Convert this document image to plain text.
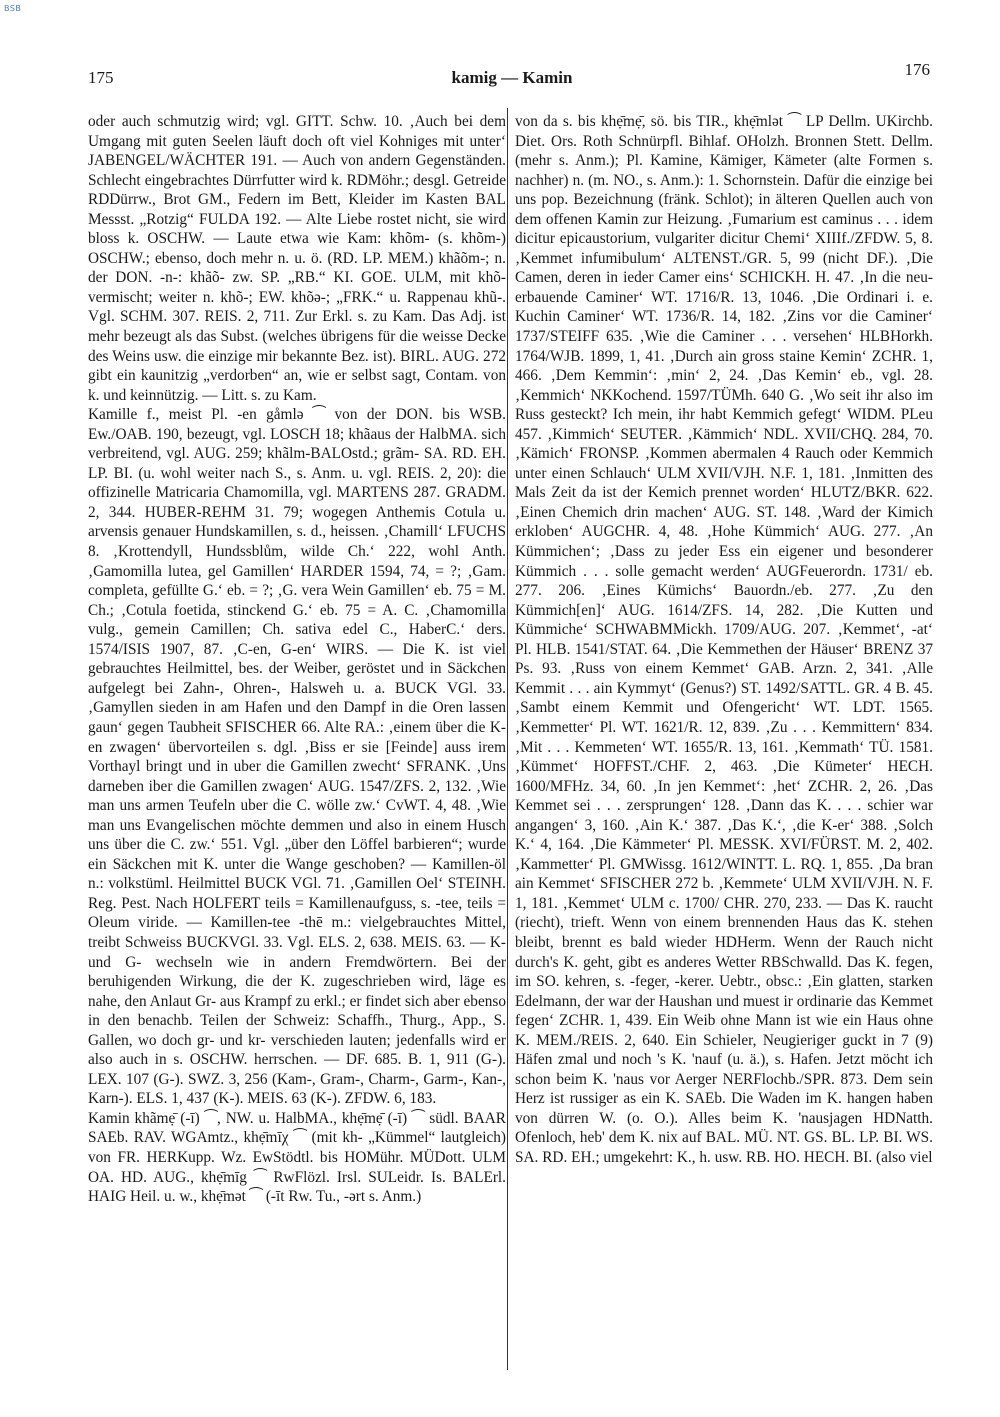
BSB
175	kamig — Kamin	176

oder auch schmutzig wird; vgl. GITT. Schw. 10. ‚Auch bei dem Umgang mit guten Seelen läuft doch oft viel Kohniges mit unter‘ JABENGEL/WÄCHTER 191. — Auch von andern Gegenständen. Schlecht eingebrachtes Dürrfutter wird k. RDMöhr.; desgl. Getreide RDDürrw., Brot GM., Federn im Bett, Kleider im Kasten BAL Messst. „Rotzig“ FULDA 192. — Alte Liebe rostet nicht, sie wird bloss k. OSCHW. — Laute etwa wie Kam: khõm- (s. khõm-) OSCHW.; ebenso, doch mehr n. u. ö. (RD. LP. MEM.) khãõm-; n. der DON. -n-: khãõ- zw. SP. „RB.“ KI. GOE. ULM, mit khõ- vermischt; weiter n. khõ-; EW. khõə-; „FRK.“ u. Rappenau khũ-. Vgl. SCHM. 307. REIS. 2, 711. Zur Erkl. s. zu Kam. Das Adj. ist mehr bezeugt als das Subst. (welches übrigens für die weisse Decke des Weins usw. die einzige mir bekannte Bez. ist). BIRL. AUG. 272 gibt ein kaunitzig „verdorben“ an, wie er selbst sagt, Contam. von k. und keinnützig. — Litt. s. zu Kam.

Kamille f., meist Pl. -en gåmlə ⁀ von der DON. bis WSB. Ew./OAB. 190, bezeugt, vgl. LOSCH 18; khãaus der HalbMA. sich verbreitend, vgl. AUG. 259; khãlm-BALOstd.; grãm- SA. RD. EH. LP. BI. (u. wohl weiter nach S., s. Anm. u. vgl. REIS. 2, 20): die offizinelle Matricaria Chamomilla, vgl. MARTENS 287. GRADM. 2, 344. HUBER-REHM 31. 79; wogegen Anthemis Cotula u. arvensis genauer Hundskamillen, s. d., heissen. ‚Chamill‘ LFUCHS 8. ‚Krottendyll, Hundssblům, wilde Ch.‘ 222, wohl Anth. ‚Gamomilla lutea, gel Gamillen‘ HARDER 1594, 74, = ?; ‚Gam. completa, gefüllte G.‘ eb. = ?; ‚G. vera Wein Gamillen‘ eb. 75 = M. Ch.; ‚Cotula foetida, stinckend G.‘ eb. 75 = A. C. ‚Chamomilla vulg., gemein Camillen; Ch. sativa edel C., HaberC.‘ ders. 1574/ISIS 1907, 87. ‚C-en, G-en‘ WIRS. — Die K. ist viel gebrauchtes Heilmittel, bes. der Weiber, geröstet und in Säckchen aufgelegt bei Zahn-, Ohren-, Halsweh u. a. BUCK VGl. 33. ‚Gamyllen sieden in am Hafen und den Dampf in die Oren lassen gaun‘ gegen Taubheit SFISCHER 66. Alte RA.: ‚einem über die K-en zwagen‘ übervorteilen s. dgl. ‚Biss er sie [Feinde] auss irem Vorthayl bringt und in uber die Gamillen zwecht‘ SFRANK. ‚Uns darneben iber die Gamillen zwagen‘ AUG. 1547/ZFS. 2, 132. ‚Wie man uns armen Teufeln uber die C. wölle zw.‘ CvWT. 4, 48. ‚Wie man uns Evangelischen möchte demmen und also in einem Husch uns über die C. zw.‘ 551. Vgl. „über den Löffel barbieren“; wurde ein Säckchen mit K. unter die Wange geschoben? — Kamillen-öl n.: volkstüml. Heilmittel BUCK VGl. 71. ‚Gamillen Oel‘ STEINH. Reg. Pest. Nach HOLFERT teils = Kamillenaufguss, s. -tee, teils = Oleum viride. — Kamillen-tee -thē m.: vielgebrauchtes Mittel, treibt Schweiss BUCKVGl. 33. Vgl. ELS. 2, 638. MEIS. 63. — K- und G- wechseln wie in andern Fremdwörtern. Bei der beruhigenden Wirkung, die der K. zugeschrieben wird, läge es nahe, den Anlaut Gr- aus Krampf zu erkl.; er findet sich aber ebenso in den benachb. Teilen der Schweiz: Schaffh., Thurg., App., S. Gallen, wo doch gr- und kr- verschieden lauten; jedenfalls wird er also auch in s. OSCHW. herrschen. — DF. 685. B. 1, 911 (G-). LEX. 107 (G-). SWZ. 3, 256 (Kam-, Gram-, Charm-, Garm-, Kan-, Karn-). ELS. 1, 437 (K-). MEIS. 63 (K-). ZFDW. 6, 183.

Kamin khãmẹ̄ (-ī) ⁀, NW. u. HalbMA., khẹ̄mẹ̄ (-ī) ⁀ südl. BAAR SAEb. RAV. WGAmtz., khẹ̄mīχ ⁀ (mit kh- „Kümmel“ lautgleich) von FR. HERKupp. Wz. EwStödtl. bis HOMühr. MÜDott. ULM OA. HD. AUG., khẹ̄mīg ⁀ RwFlözl. Irsl. SULeidr. Is. BALErl. HAIG Heil. u. w., khẹ̄mət ⁀ (-īt Rw. Tu., -ərt s. Anm.)

von da s. bis khẹ̄mẹ̄, sö. bis TIR., khẹ̄mlət ⁀ LP Dellm. UKirchb. Diet. Ors. Roth Schnürpfl. Bihlaf. OHolzh. Bronnen Stett. Dellm. (mehr s. Anm.); Pl. Kaminе, Kämiger, Kämeter (alte Formen s. nachher) n. (m. NO., s. Anm.): 1. Schornstein. Dafür die einzige bei uns pop. Bezeichnung (fränk. Schlot); in älteren Quellen auch von dem offenen Kamin zur Heizung. ‚Fumarium est caminus . . . idem dicitur epicaustorium, vulgariter dicitur Chemi‘ XIIIf./ZFDW. 5, 8. ‚Kemmet infumibulum‘ ALTENST./GR. 5, 99 (nicht DF.). ‚Die Camen, deren in ieder Camer eins‘ SCHICKH. H. 47. ‚In die neu-erbauende Caminer‘ WT. 1716/R. 13, 1046. ‚Die Ordinari i. e. Kuchin Caminer‘ WT. 1736/R. 14, 182. ‚Zins vor die Caminer‘ 1737/STEIFF 635. ‚Wie die Caminer . . . versehen‘ HLBHorkh. 1764/WJB. 1899, 1, 41. ‚Durch ain gross staine Kemin‘ ZCHR. 1, 466. ‚Dem Kemmin‘: ‚min‘ 2, 24. ‚Das Kemin‘ eb., vgl. 28. ‚Kemmich‘ NKKochend. 1597/TÜMh. 640 G. ‚Wo seit ihr also im Russ gesteckt? Ich mein, ihr habt Kemmich gefegt‘ WIDM. PLeu 457. ‚Kimmich‘ SEUTER. ‚Kämmich‘ NDL. XVII/CHQ. 284, 70. ‚Kämich‘ FRONSP. ‚Kommen abermalen 4 Rauch oder Kemmich unter einen Schlauch‘ ULM XVII/VJH. N.F. 1, 181. ‚Inmitten des Mals Zeit da ist der Kemich prennet worden‘ HLUTZ/BKR. 622. ‚Einen Chemich drin machen‘ AUG. ST. 148. ‚Ward der Kimich erkloben‘ AUGCHR. 4, 48. ‚Hohe Kümmich‘ AUG. 277. ‚An Kümmichen‘; ‚Dass zu jeder Ess ein eigener und besonderer Kümmich . . . solle gemacht werden‘ AUGFeuerordn. 1731/ eb. 277. 206. ‚Eines Kümichs‘ Bauordn./eb. 277. ‚Zu den Kümmich[en]‘ AUG. 1614/ZFS. 14, 282. ‚Die Kutten und Kümmiche‘ SCHWABMMickh. 1709/AUG. 207. ‚Kemmet‘, -at‘ Pl. HLB. 1541/STAT. 64. ‚Die Kemmethen der Häuser‘ BRENZ 37 Ps. 93. ‚Russ von einem Kemmet‘ GAB. Arzn. 2, 341. ‚Alle Kemmit . . . ain Kymmyt‘ (Genus?) ST. 1492/SATTL. GR. 4 B. 45. ‚Sambt einem Kemmit und Ofengericht‘ WT. LDT. 1565. ‚Kemmetter‘ Pl. WT. 1621/R. 12, 839. ‚Zu . . . Kemmittern‘ 834. ‚Mit . . . Kemmeten‘ WT. 1655/R. 13, 161. ‚Kemmath‘ TÜ. 1581. ‚Kümmet‘ HOFFST./CHF. 2, 463. ‚Die Kümeter‘ HECH. 1600/MFHz. 34, 60. ‚In jen Kemmet‘: ‚het‘ ZCHR. 2, 26. ‚Das Kemmet sei . . . zersprungen‘ 128. ‚Dann das K. . . . schier war angangen‘ 3, 160. ‚Ain K.‘ 387. ‚Das K.‘, ‚die K-er‘ 388. ‚Solch K.‘ 4, 164. ‚Die Kämmeter‘ Pl. MESSK. XVI/FÜRST. M. 2, 402. ‚Kammetter‘ Pl. GMWissg. 1612/WINTT. L. RQ. 1, 855. ‚Da bran ain Kemmet‘ SFISCHER 272 b. ‚Kemmete‘ ULM XVII/VJH. N. F. 1, 181. ‚Kemmet‘ ULM c. 1700/ CHR. 270, 233. — Das K. raucht (riecht), trieft. Wenn von einem brennenden Haus das K. stehen bleibt, brennt es bald wieder HDHerm. Wenn der Rauch nicht durch's K. geht, gibt es anderes Wetter RBSchwalld. Das K. fegen, im SO. kehren, s. -feger, -kerer. Uebtr., obsc.: ‚Ein glatten, starken Edelmann, der war der Haushan und muest ir ordinarie das Kemmet fegen‘ ZCHR. 1, 439. Ein Weib ohne Mann ist wie ein Haus ohne K. MEM./REIS. 2, 640. Ein Schieler, Neugieriger guckt in 7 (9) Häfen zmal und noch 's K. 'nauf (u. ä.), s. Hafen. Jetzt möcht ich schon beim K. 'naus vor Aerger NERFlochb./SPR. 873. Dem sein Herz ist russiger as ein K. SAEb. Die Waden im K. hangen haben von dürren W. (o. O.). Alles beim K. 'nausjagen HDNatth. Ofenloch, heb' dem K. nix auf BAL. MÜ. NT. GS. BL. LP. BI. WS. SA. RD. EH.; umgekehrt: K., h. usw. RB. HO. HECH. BI. (also viel
